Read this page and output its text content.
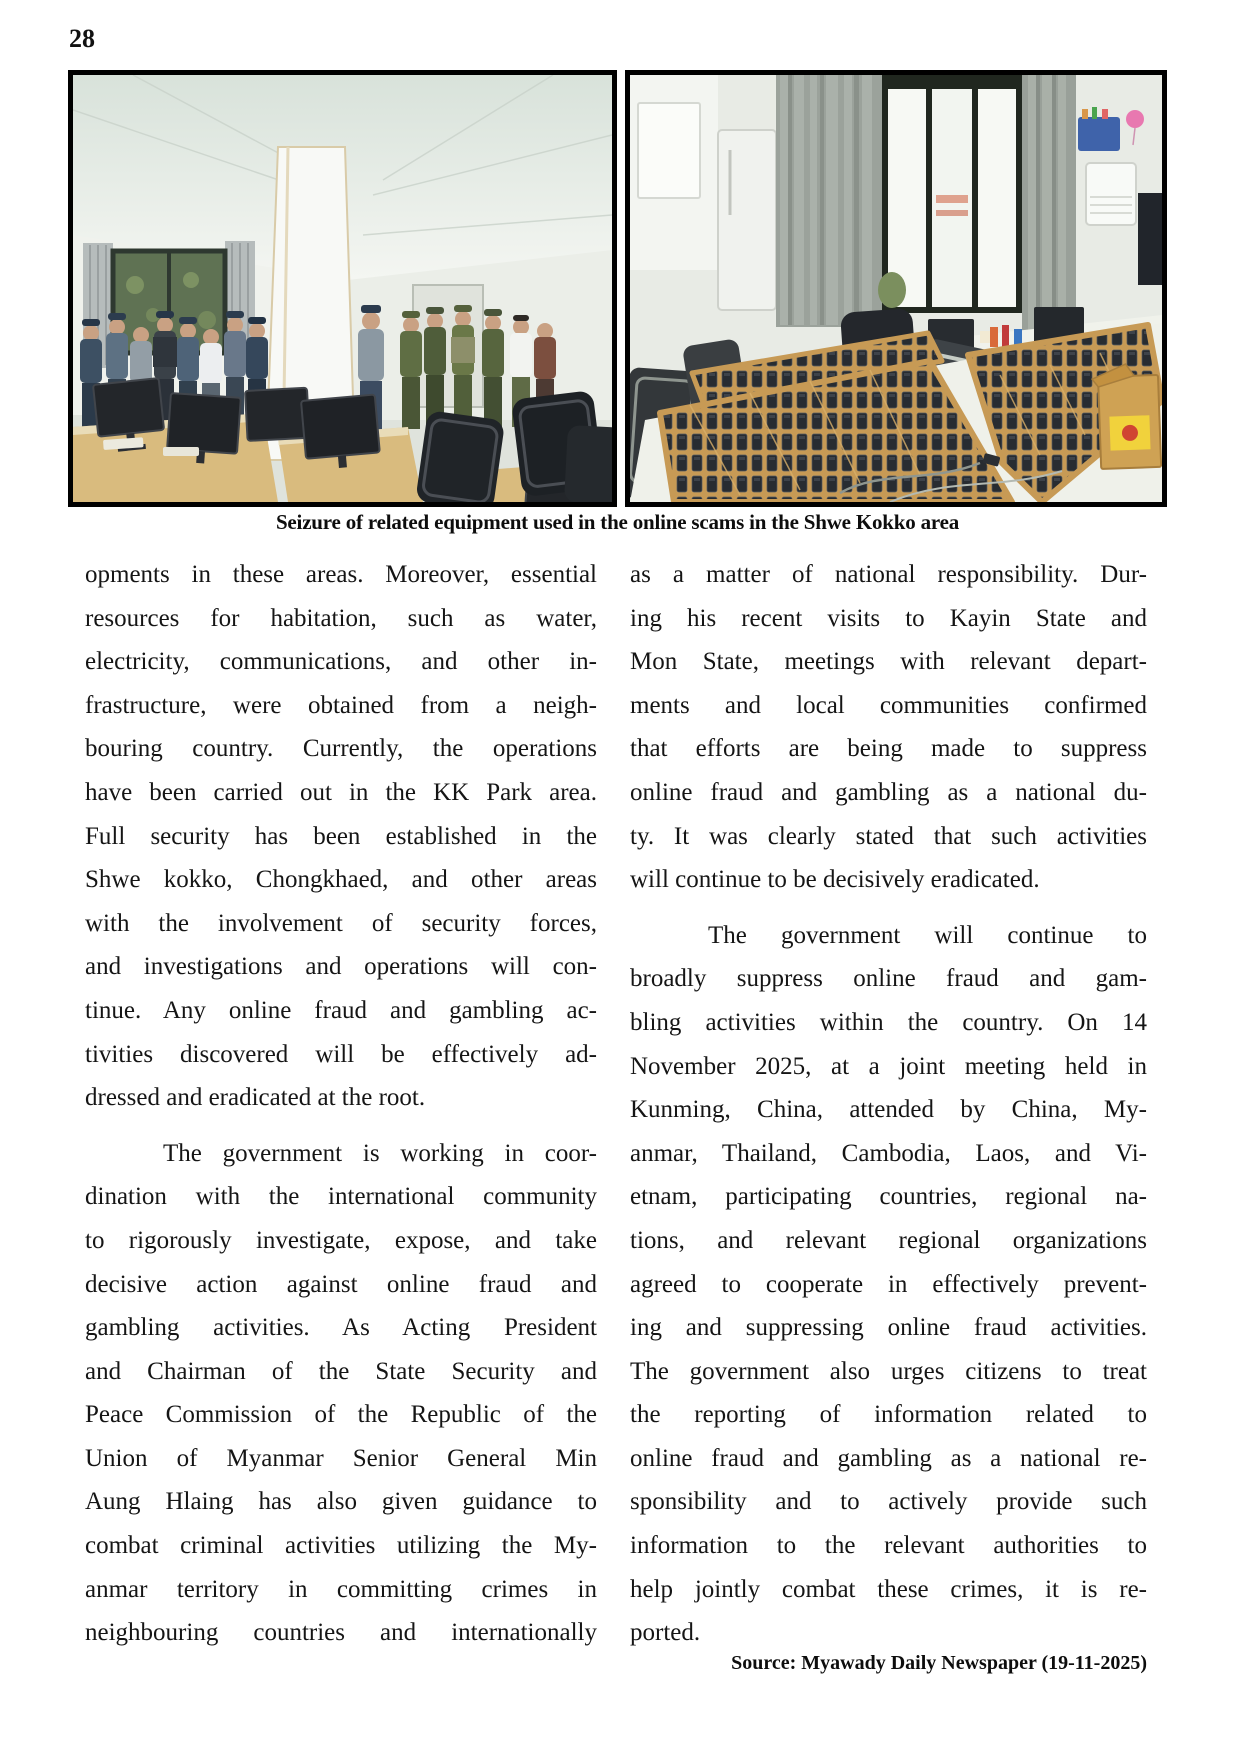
28
Seizure of related equipment used in the online scams in the Shwe Kokko area
opments in these areas. Moreover, essential
resources for habitation, such as water,
electricity, communications, and other in-
frastructure, were obtained from a neigh-
bouring country. Currently, the operations
have been carried out in the KK Park area.
Full security has been established in the
Shwe kokko, Chongkhaed, and other areas
with the involvement of security forces,
and investigations and operations will con-
tinue. Any online fraud and gambling ac-
tivities discovered will be effectively ad-
dressed and eradicated at the root.
The government is working in coor-
dination with the international community
to rigorously investigate, expose, and take
decisive action against online fraud and
gambling activities. As Acting President
and Chairman of the State Security and
Peace Commission of the Republic of the
Union of Myanmar Senior General Min
Aung Hlaing has also given guidance to
combat criminal activities utilizing the My-
anmar territory in committing crimes in
neighbouring countries and internationally
as a matter of national responsibility. Dur-
ing his recent visits to Kayin State and
Mon State, meetings with relevant depart-
ments and local communities confirmed
that efforts are being made to suppress
online fraud and gambling as a national du-
ty. It was clearly stated that such activities
will continue to be decisively eradicated.
The government will continue to
broadly suppress online fraud and gam-
bling activities within the country. On 14
November 2025, at a joint meeting held in
Kunming, China, attended by China, My-
anmar, Thailand, Cambodia, Laos, and Vi-
etnam, participating countries, regional na-
tions, and relevant regional organizations
agreed to cooperate in effectively prevent-
ing and suppressing online fraud activities.
The government also urges citizens to treat
the reporting of information related to
online fraud and gambling as a national re-
sponsibility and to actively provide such
information to the relevant authorities to
help jointly combat these crimes, it is re-
ported.
Source: Myawady Daily Newspaper (19-11-2025)
